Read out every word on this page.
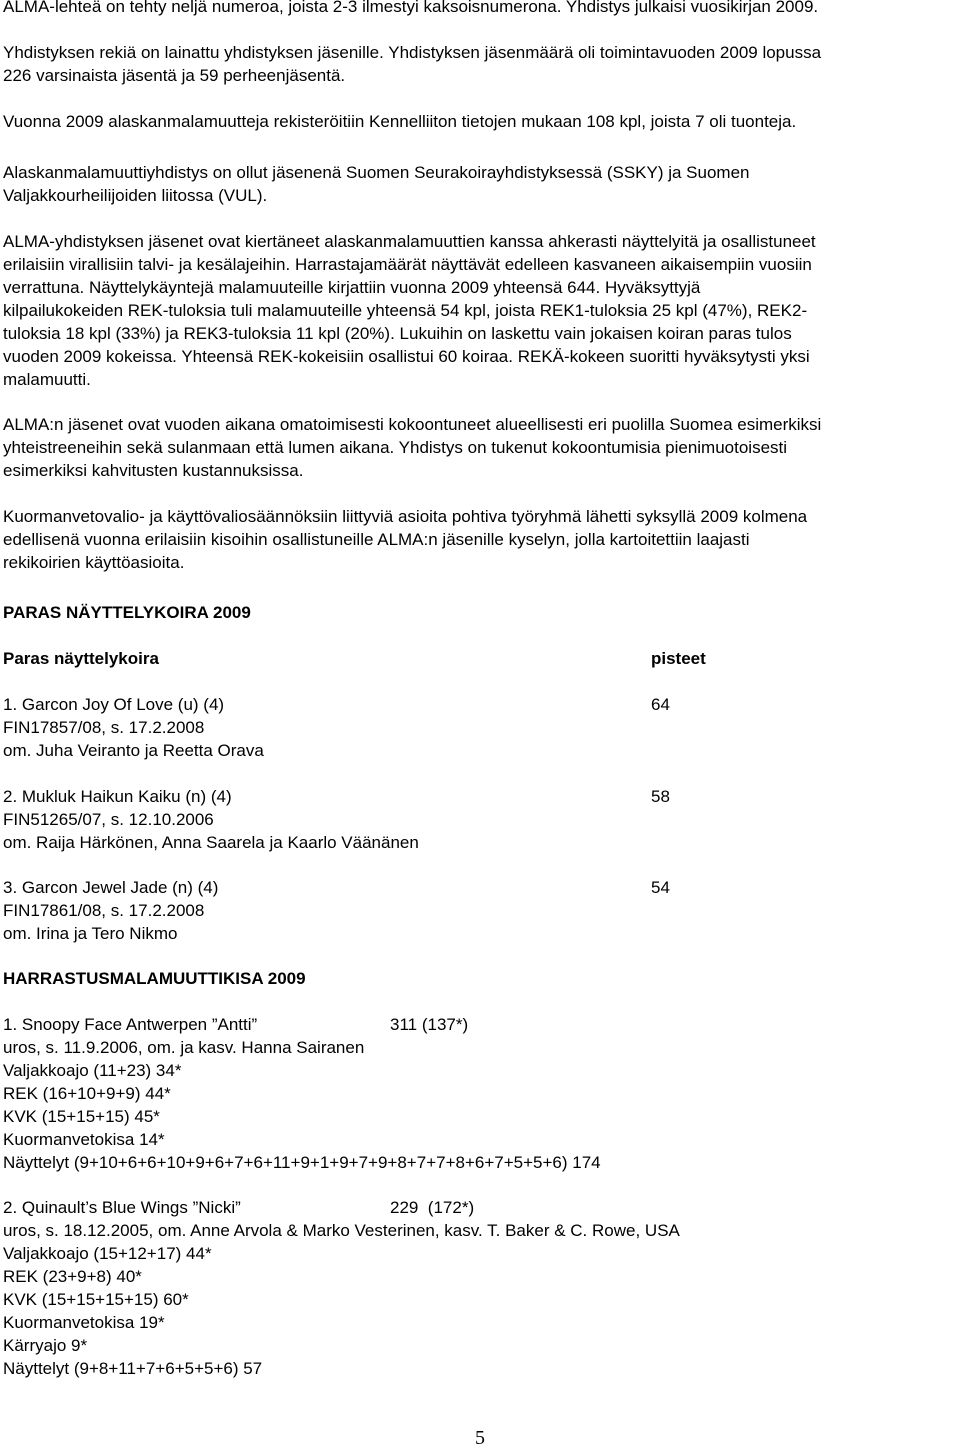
ALMA-lehteä on tehty neljä numeroa, joista 2-3 ilmestyi kaksoisnumerona. Yhdistys julkaisi vuosikirjan 2009.
Yhdistyksen rekiä on lainattu yhdistyksen jäsenille. Yhdistyksen jäsenmäärä oli toimintavuoden 2009 lopussa
226 varsinaista jäsentä ja 59 perheenjäsentä.
Vuonna 2009 alaskanmalamuutteja rekisteröitiin Kennelliiton tietojen mukaan 108 kpl, joista 7 oli tuonteja.
Alaskanmalamuuttiyhdistys on ollut jäsenenä Suomen Seurakoirayhdistyksessä (SSKY) ja Suomen
Valjakkourheilijoiden liitossa (VUL).
ALMA-yhdistyksen jäsenet ovat kiertäneet alaskanmalamuuttien kanssa ahkerasti näyttelyitä ja osallistuneet
erilaisiin virallisiin talvi- ja kesälajeihin. Harrastajamäärät näyttävät edelleen kasvaneen aikaisempiin vuosiin
verrattuna. Näyttelykäyntejä malamuuteille kirjattiin vuonna 2009 yhteensä 644. Hyväksyttyjä
kilpailukokeiden REK-tuloksia tuli malamuuteille yhteensä 54 kpl, joista REK1-tuloksia 25 kpl (47%), REK2-
tuloksia 18 kpl (33%) ja REK3-tuloksia 11 kpl (20%). Lukuihin on laskettu vain jokaisen koiran paras tulos
vuoden 2009 kokeissa. Yhteensä REK-kokeisiin osallistui 60 koiraa. REKÄ-kokeen suoritti hyväksytysti yksi
malamuutti.
ALMA:n jäsenet ovat vuoden aikana omatoimisesti kokoontuneet alueellisesti eri puolilla Suomea esimerkiksi
yhteistreeneihin sekä sulanmaan että lumen aikana. Yhdistys on tukenut kokoontumisia pienimuotoisesti
esimerkiksi kahvitusten kustannuksissa.
Kuormanvetovalio- ja käyttövaliosäännöksiin liittyviä asioita pohtiva työryhmä lähetti syksyllä 2009 kolmena
edellisenä vuonna erilaisiin kisoihin osallistuneille ALMA:n jäsenille kyselyn, jolla kartoitettiin laajasti
rekikoirien käyttöasioita.
PARAS NÄYTTELYKOIRA 2009
Paras näyttelykoira	pisteet
1. Garcon Joy Of Love (u) (4)	64
FIN17857/08, s. 17.2.2008
om. Juha Veiranto ja Reetta Orava
2. Mukluk Haikun Kaiku (n) (4)	58
FIN51265/07, s. 12.10.2006
om. Raija Härkönen, Anna Saarela ja Kaarlo Väänänen
3. Garcon Jewel Jade (n) (4)	54
FIN17861/08, s. 17.2.2008
om. Irina ja Tero Nikmo
HARRASTUSMALAMUUTTIKISA 2009
1. Snoopy Face Antwerpen ”Antti”	311 (137*)
uros, s. 11.9.2006, om. ja kasv. Hanna Sairanen
Valjakkoajo (11+23) 34*
REK (16+10+9+9) 44*
KVK (15+15+15) 45*
Kuormanvetokisa 14*
Näyttelyt (9+10+6+6+10+9+6+7+6+11+9+1+9+7+9+8+7+7+8+6+7+5+5+6) 174
2. Quinault’s Blue Wings ”Nicki”	229  (172*)
uros, s. 18.12.2005, om. Anne Arvola & Marko Vesterinen, kasv. T. Baker & C. Rowe, USA
Valjakkoajo (15+12+17) 44*
REK (23+9+8) 40*
KVK (15+15+15+15) 60*
Kuormanvetokisa 19*
Kärryajo 9*
Näyttelyt (9+8+11+7+6+5+5+6) 57
5
